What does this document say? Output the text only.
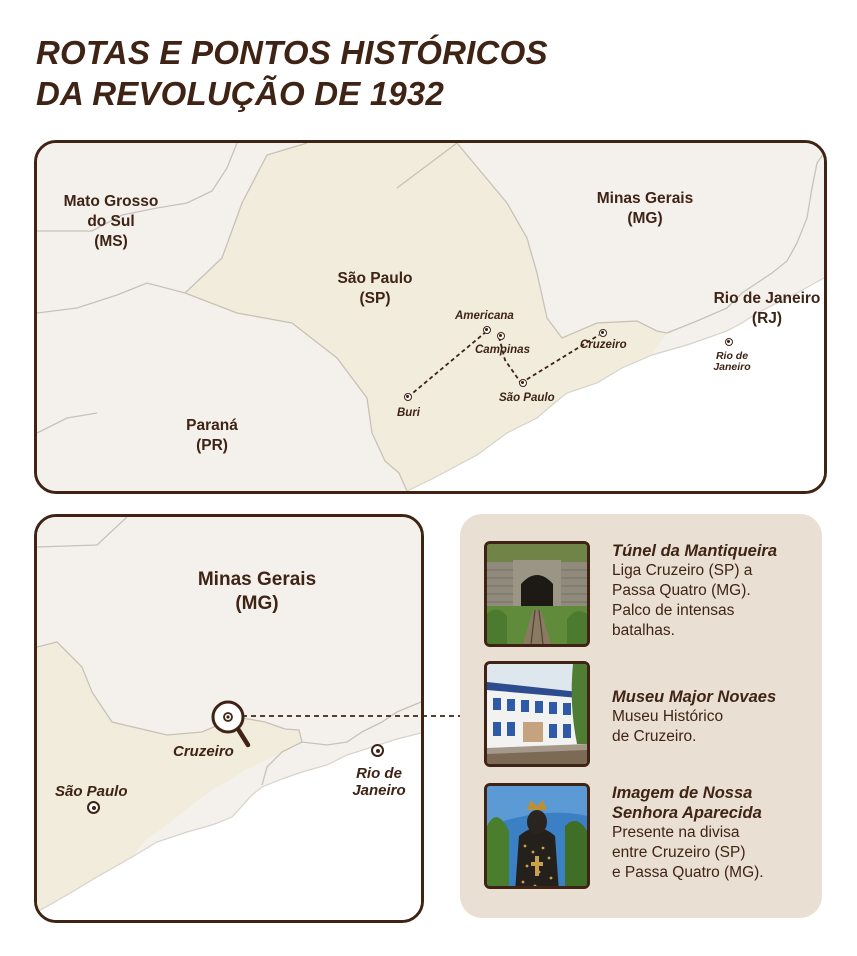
ROTAS E PONTOS HISTÓRICOS
DA REVOLUÇÃO DE 1932
Mato Grosso
do Sul
(MS)
Minas Gerais
(MG)
São Paulo
(SP)	Rio de Janeiro
(RJ)
Paraná
(PR)
Americana
Campinas	Cruzeiro
Buri
São Paulo
Rio de
Janeiro
Minas Gerais
(MG)
Cruzeiro
São Paulo
Rio de
Janeiro
Túnel da Mantiqueira
Liga Cruzeiro (SP) a
Passa Quatro (MG).
Palco de intensas
batalhas.
Museu Major Novaes
Museu Histórico
de Cruzeiro.
Imagem de Nossa
Senhora Aparecida
Presente na divisa
entre Cruzeiro (SP)
e Passa Quatro (MG).
